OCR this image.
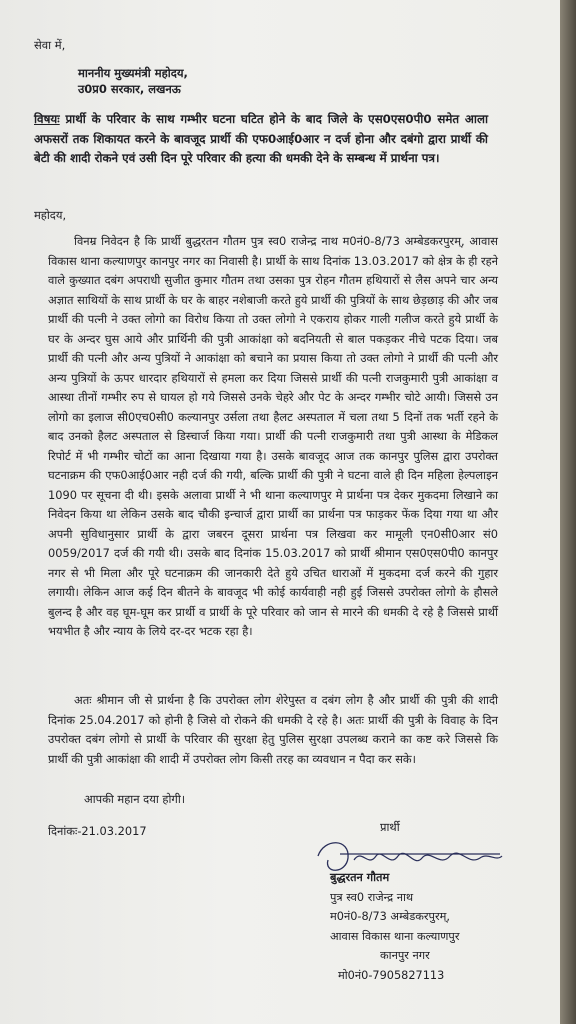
सेवा में,

माननीय मुख्यमंत्री महोदय,

उ0प्र0 सरकार, लखनऊ

विषयः प्रार्थी के परिवार के साथ गम्भीर घटना घटित होने के बाद जिले के एस0एस0पी0 समेत आला अफसरों तक शिकायत करने के बावजूद प्रार्थी की एफ0आई0आर न दर्ज होना और दबंगो द्वारा प्रार्थी की बेटी की शादी रोकने एवं उसी दिन पूरे परिवार की हत्या की धमकी देने के सम्बन्ध में प्रार्थना पत्र।

महोदय,

विनम्र निवेदन है कि प्रार्थी बुद्धरतन गौतम पुत्र स्व0 राजेन्द्र नाथ म0नं0-8/73 अम्बेडकरपुरम्, आवास विकास थाना कल्याणपुर कानपुर नगर का निवासी है। प्रार्थी के साथ दिनांक 13.03.2017 को क्षेत्र के ही रहने वाले कुख्यात दबंग अपराधी सुजीत कुमार गौतम तथा उसका पुत्र रोहन गौतम हथियारों से लैस अपने चार अन्य अज्ञात साथियों के साथ प्रार्थी के घर के बाहर नशेबाजी करते हुये प्रार्थी की पुत्रियों के साथ छेड़छाड़ की और जब प्रार्थी की पत्नी ने उक्त लोगो का विरोध किया तो उक्त लोगो ने एकराय होकर गाली गलीज करते हुये प्रार्थी के घर के अन्दर घुस आये और प्रार्थिनी की पुत्री आकांक्षा को बदनियती से बाल पकड़कर नीचे पटक दिया। जब प्रार्थी की पत्नी और अन्य पुत्रियों ने आकांक्षा को बचाने का प्रयास किया तो उक्त लोगो ने प्रार्थी की पत्नी और अन्य पुत्रियों के ऊपर धारदार हथियारों से हमला कर दिया जिससे प्रार्थी की पत्नी राजकुमारी पुत्री आकांक्षा व आस्था तीनों गम्भीर रुप से घायल हो गये जिससे उनके चेहरे और पेट के अन्दर गम्भीर चोटे आयी। जिससे उन लोगो का इलाज सी0एच0सी0 कल्यानपुर उर्सला तथा हैलट अस्पताल में चला तथा 5 दिनों तक भर्ती रहने के बाद उनको हैलट अस्पताल से डिस्चार्ज किया गया। प्रार्थी की पत्नी राजकुमारी तथा पुत्री आस्था के मेडिकल रिपोर्ट में भी गम्भीर चोटों का आना दिखाया गया है। उसके बावजूद आज तक कानपुर पुलिस द्वारा उपरोक्त घटनाक्रम की एफ0आई0आर नही दर्ज की गयी, बल्कि प्रार्थी की पुत्री ने घटना वाले ही दिन महिला हेल्पलाइन 1090 पर सूचना दी थी। इसके अलावा प्रार्थी ने भी थाना कल्याणपुर मे प्रार्थना पत्र देकर मुकदमा लिखाने का निवेदन किया था लेकिन उसके बाद चौकी इन्चार्ज द्वारा प्रार्थी का प्रार्थना पत्र फाड़कर फेंक दिया गया था और अपनी सुविधानुसार प्रार्थी के द्वारा जबरन दूसरा प्रार्थना पत्र लिखवा कर मामूली एन0सी0आर सं0 0059/2017 दर्ज की गयी थी। उसके बाद दिनांक 15.03.2017 को प्रार्थी श्रीमान एस0एस0पी0 कानपुर नगर से भी मिला और पूरे घटनाक्रम की जानकारी देते हुये उचित धाराओं में मुकदमा दर्ज करने की गुहार लगायी। लेकिन आज कई दिन बीतने के बावजूद भी कोई कार्यवाही नही हुई जिससे उपरोक्त लोगो के हौसले बुलन्द है और वह घूम-घूम कर प्रार्थी व प्रार्थी के पूरे परिवार को जान से मारने की धमकी दे रहे है जिससे प्रार्थी भयभीत है और न्याय के लिये दर-दर भटक रहा है।

अतः श्रीमान जी से प्रार्थना है कि उपरोक्त लोग शेरेपुस्त व दबंग लोग है और प्रार्थी की पुत्री की शादी दिनांक 25.04.2017 को होनी है जिसे वो रोकने की धमकी दे रहे है। अतः प्रार्थी की पुत्री के विवाह के दिन उपरोक्त दबंग लोगो से प्रार्थी के परिवार की सुरक्षा हेतु पुलिस सुरक्षा उपलब्ध कराने का कष्ट करे जिससे कि प्रार्थी की पुत्री आकांक्षा की शादी में उपरोक्त लोग किसी तरह का व्यवधान न पैदा कर सके।

आपकी महान दया होगी।

प्रार्थी

दिनांकः-21.03.2017

बुद्धरतन गौतम
पुत्र स्व0 राजेन्द्र नाथ
म0नं0-8/73 अम्बेडकरपुरम्,
आवास विकास थाना कल्याणपुर
कानपुर नगर
मो0नं0-7905827113
